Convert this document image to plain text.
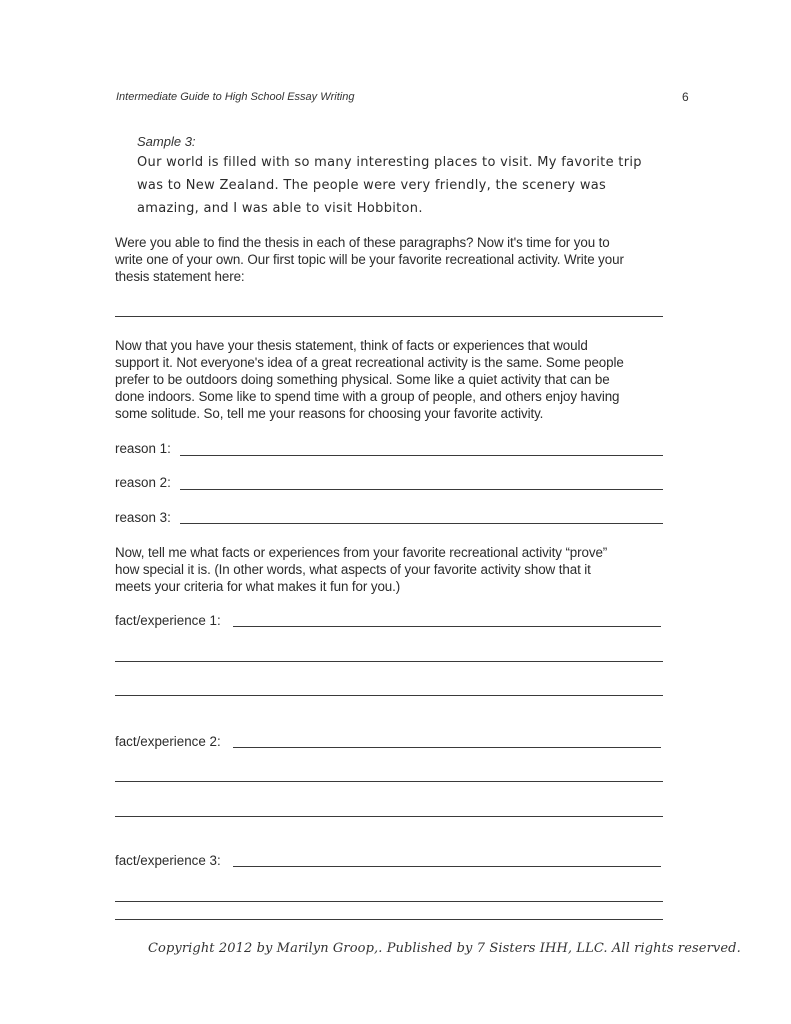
Intermediate Guide to High School Essay Writing	6
Sample 3:
Our world is filled with so many interesting places to visit. My favorite trip
was to New Zealand. The people were very friendly, the scenery was
amazing, and I was able to visit Hobbiton.
Were you able to find the thesis in each of these paragraphs? Now it's time for you to
write one of your own. Our first topic will be your favorite recreational activity. Write your
thesis statement here:
Now that you have your thesis statement, think of facts or experiences that would
support it. Not everyone's idea of a great recreational activity is the same. Some people
prefer to be outdoors doing something physical. Some like a quiet activity that can be
done indoors. Some like to spend time with a group of people, and others enjoy having
some solitude. So, tell me your reasons for choosing your favorite activity.
reason 1:
reason 2:
reason 3:
Now, tell me what facts or experiences from your favorite recreational activity “prove”
how special it is. (In other words, what aspects of your favorite activity show that it
meets your criteria for what makes it fun for you.)
fact/experience 1:
fact/experience 2:
fact/experience 3:
Copyright 2012 by Marilyn Groop,. Published by 7 Sisters IHH, LLC. All rights reserved.
